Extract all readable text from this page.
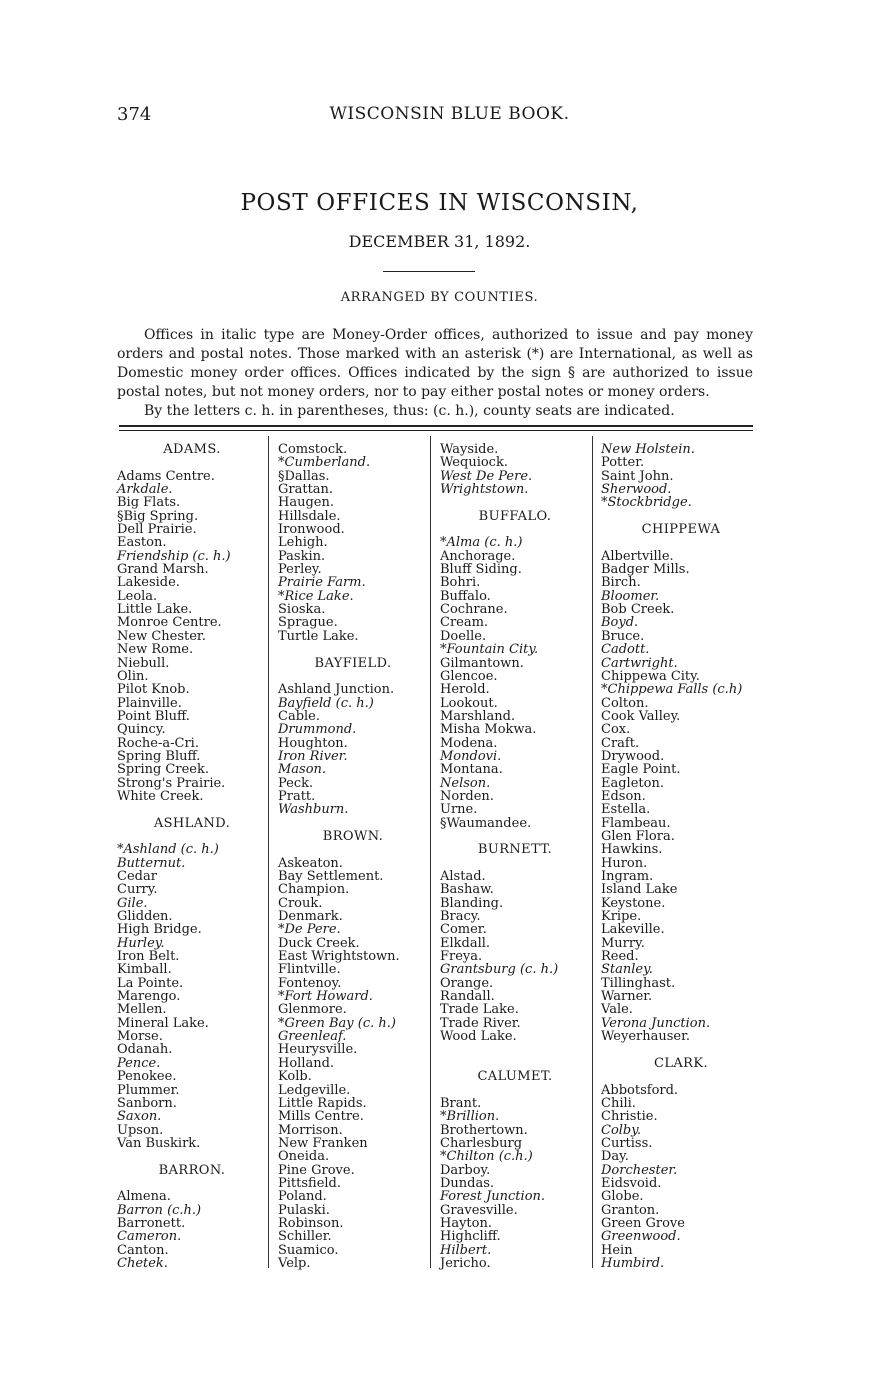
374	WISCONSIN BLUE BOOK.
POST OFFICES IN WISCONSIN,
DECEMBER 31, 1892.
ARRANGED BY COUNTIES.

Offices in italic type are Money-Order offices, authorized to issue and pay money orders and postal notes. Those marked with an asterisk (*) are International, as well as Domestic money order offices. Offices indicated by the sign § are authorized to issue postal notes, but not money orders, nor to pay either postal notes or money orders.

By the letters c. h. in parentheses, thus: (c. h.), county seats are indicated.

ADAMS.
Adams Centre.
Arkdale.
Big Flats.
§Big Spring.
Dell Prairie.
Easton.
Friendship (c. h.)
Grand Marsh.
Lakeside.
Leola.
Little Lake.
Monroe Centre.
New Chester.
New Rome.
Niebull.
Olin.
Pilot Knob.
Plainville.
Point Bluff.
Quincy.
Roche-a-Cri.
Spring Bluff.
Spring Creek.
Strong's Prairie.
White Creek.
ASHLAND.
*Ashland (c. h.)
Butternut.
Cedar
Curry.
Gile.
Glidden.
High Bridge.
Hurley.
Iron Belt.
Kimball.
La Pointe.
Marengo.
Mellen.
Mineral Lake.
Morse.
Odanah.
Pence.
Penokee.
Plummer.
Sanborn.
Saxon.
Upson.
Van Buskirk.
BARRON.
Almena.
Barron (c.h.)
Barronett.
Cameron.
Canton.
Chetek.
Comstock.
*Cumberland.
§Dallas.
Grattan.
Haugen.
Hillsdale.
Ironwood.
Lehigh.
Paskin.
Perley.
Prairie Farm.
*Rice Lake.
Sioska.
Sprague.
Turtle Lake.
BAYFIELD.
Ashland Junction.
Bayfield (c. h.)
Cable.
Drummond.
Houghton.
Iron River.
Mason.
Peck.
Pratt.
Washburn.
BROWN.
Askeaton.
Bay Settlement.
Champion.
Crouk.
Denmark.
*De Pere.
Duck Creek.
East Wrightstown.
Flintville.
Fontenoy.
*Fort Howard.
Glenmore.
*Green Bay (c. h.)
Greenleaf.
Heurysville.
Holland.
Kolb.
Ledgeville.
Little Rapids.
Mills Centre.
Morrison.
New Franken
Oneida.
Pine Grove.
Pittsfield.
Poland.
Pulaski.
Robinson.
Schiller.
Suamico.
Velp.
Wayside.
Wequiock.
West De Pere.
Wrightstown.
BUFFALO.
*Alma (c. h.)
Anchorage.
Bluff Siding.
Bohri.
Buffalo.
Cochrane.
Cream.
Doelle.
*Fountain City.
Gilmantown.
Glencoe.
Herold.
Lookout.
Marshland.
Misha Mokwa.
Modena.
Mondovi.
Montana.
Nelson.
Norden.
Urne.
§Waumandee.
BURNETT.
Alstad.
Bashaw.
Blanding.
Bracy.
Comer.
Elkdall.
Freya.
Grantsburg (c. h.)
Orange.
Randall.
Trade Lake.
Trade River.
Wood Lake.
CALUMET.
Brant.
*Brillion.
Brothertown.
Charlesburg
*Chilton (c.h.)
Darboy.
Dundas.
Forest Junction.
Gravesville.
Hayton.
Highcliff.
Hilbert.
Jericho.
New Holstein.
Potter.
Saint John.
Sherwood.
*Stockbridge.
CHIPPEWA
Albertville.
Badger Mills.
Birch.
Bloomer.
Bob Creek.
Boyd.
Bruce.
Cadott.
Cartwright.
Chippewa City.
*Chippewa Falls (c.h)
Colton.
Cook Valley.
Cox.
Craft.
Drywood.
Eagle Point.
Eagleton.
Edson.
Estella.
Flambeau.
Glen Flora.
Hawkins.
Huron.
Ingram.
Island Lake
Keystone.
Kripe.
Lakeville.
Murry.
Reed.
Stanley.
Tillinghast.
Warner.
Vale.
Verona Junction.
Weyerhauser.
CLARK.
Abbotsford.
Chili.
Christie.
Colby.
Curtiss.
Day.
Dorchester.
Eidsvoid.
Globe.
Granton.
Green Grove
Greenwood.
Hein
Humbird.
